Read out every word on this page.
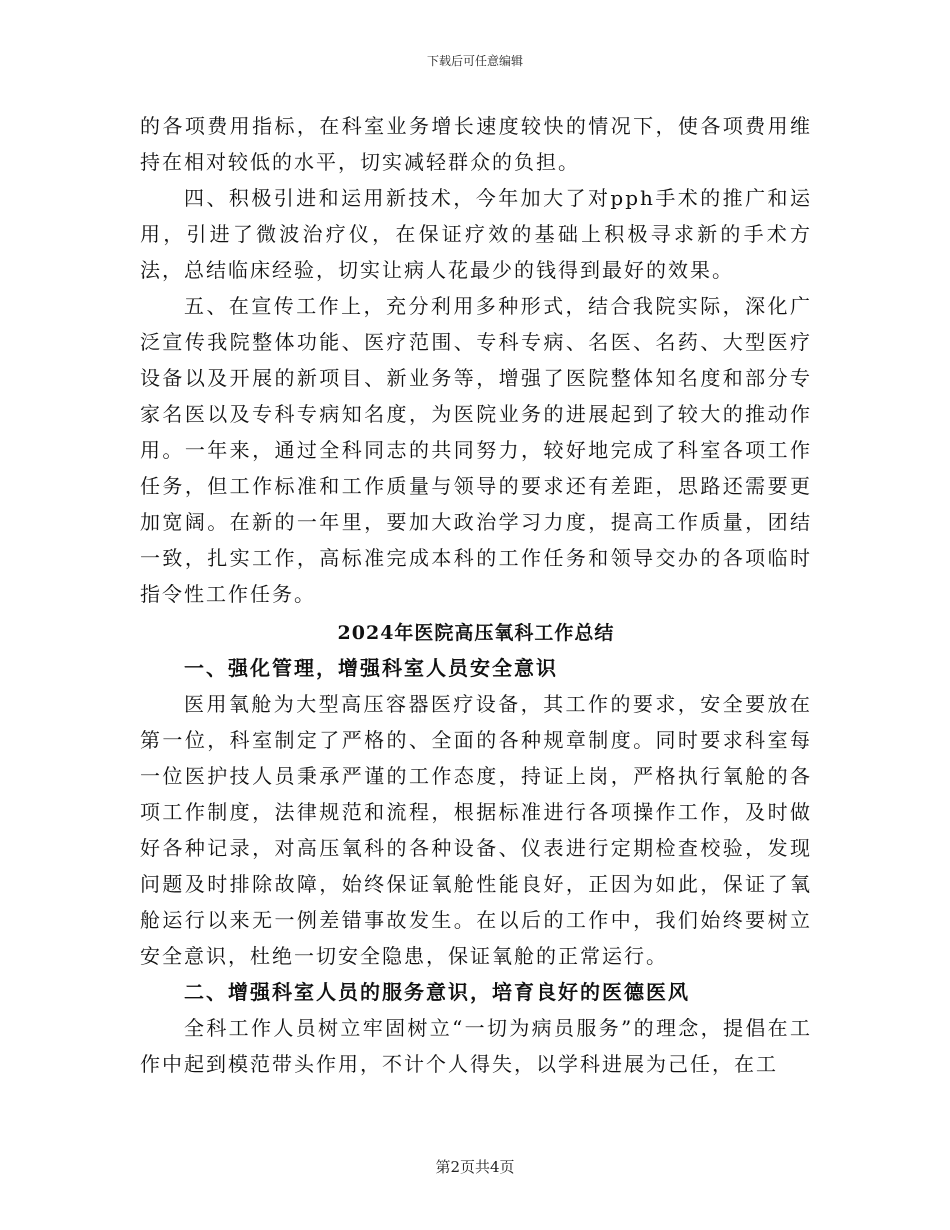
下载后可任意编辑

的各项费用指标，在科室业务增长速度较快的情况下，使各项费用维持在相对较低的水平，切实减轻群众的负担。

四、积极引进和运用新技术，今年加大了对pph手术的推广和运用，引进了微波治疗仪，在保证疗效的基础上积极寻求新的手术方法，总结临床经验，切实让病人花最少的钱得到最好的效果。

五、在宣传工作上，充分利用多种形式，结合我院实际，深化广泛宣传我院整体功能、医疗范围、专科专病、名医、名药、大型医疗设备以及开展的新项目、新业务等，增强了医院整体知名度和部分专家名医以及专科专病知名度，为医院业务的进展起到了较大的推动作用。一年来，通过全科同志的共同努力，较好地完成了科室各项工作任务，但工作标准和工作质量与领导的要求还有差距，思路还需要更加宽阔。在新的一年里，要加大政治学习力度，提高工作质量，团结一致，扎实工作，高标准完成本科的工作任务和领导交办的各项临时指令性工作任务。

2024年医院高压氧科工作总结
一、强化管理，增强科室人员安全意识

医用氧舱为大型高压容器医疗设备，其工作的要求，安全要放在第一位，科室制定了严格的、全面的各种规章制度。同时要求科室每一位医护技人员秉承严谨的工作态度，持证上岗，严格执行氧舱的各项工作制度，法律规范和流程，根据标准进行各项操作工作，及时做好各种记录，对高压氧科的各种设备、仪表进行定期检查校验，发现问题及时排除故障，始终保证氧舱性能良好，正因为如此，保证了氧舱运行以来无一例差错事故发生。在以后的工作中，我们始终要树立安全意识，杜绝一切安全隐患，保证氧舱的正常运行。

二、增强科室人员的服务意识，培育良好的医德医风

全科工作人员树立牢固树立“一切为病员服务”的理念，提倡在工作中起到模范带头作用，不计个人得失，以学科进展为己任，在工

第2页共4页
